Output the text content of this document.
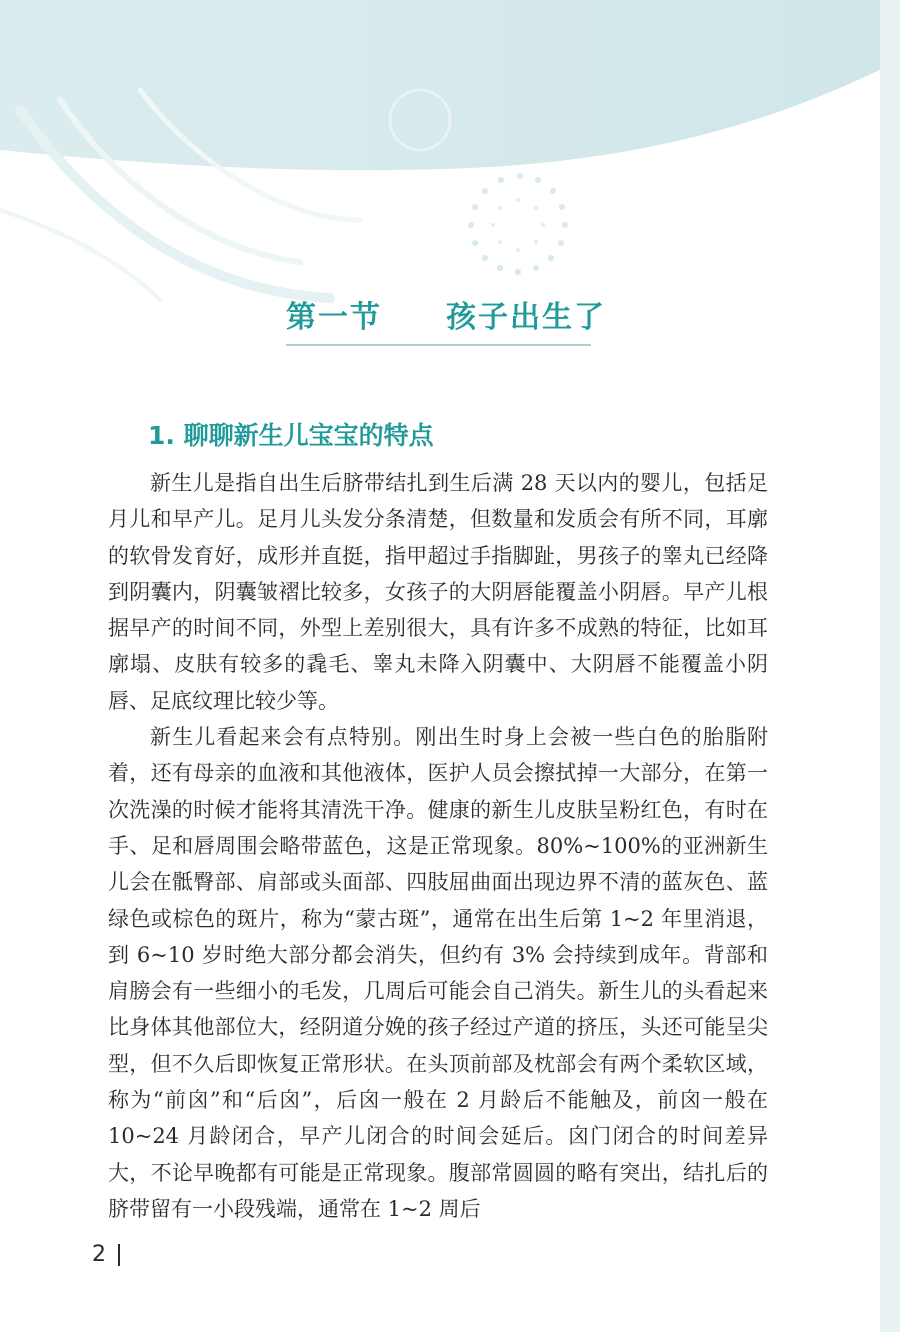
第一节　　孩子出生了
1. 聊聊新生儿宝宝的特点

新生儿是指自出生后脐带结扎到生后满 28 天以内的婴儿，包括足月儿和早产儿。足月儿头发分条清楚，但数量和发质会有所不同，耳廓的软骨发育好，成形并直挺，指甲超过手指脚趾，男孩子的睾丸已经降到阴囊内，阴囊皱褶比较多，女孩子的大阴唇能覆盖小阴唇。早产儿根据早产的时间不同，外型上差别很大，具有许多不成熟的特征，比如耳廓塌、皮肤有较多的毳毛、睾丸未降入阴囊中、大阴唇不能覆盖小阴唇、足底纹理比较少等。

新生儿看起来会有点特别。刚出生时身上会被一些白色的胎脂附着，还有母亲的血液和其他液体，医护人员会擦拭掉一大部分，在第一次洗澡的时候才能将其清洗干净。健康的新生儿皮肤呈粉红色，有时在手、足和唇周围会略带蓝色，这是正常现象。80%~100%的亚洲新生儿会在骶臀部、肩部或头面部、四肢屈曲面出现边界不清的蓝灰色、蓝绿色或棕色的斑片，称为“蒙古斑”，通常在出生后第 1~2 年里消退，到 6~10 岁时绝大部分都会消失，但约有 3% 会持续到成年。背部和肩膀会有一些细小的毛发，几周后可能会自己消失。新生儿的头看起来比身体其他部位大，经阴道分娩的孩子经过产道的挤压，头还可能呈尖型，但不久后即恢复正常形状。在头顶前部及枕部会有两个柔软区域，称为“前囟”和“后囟”，后囟一般在 2 月龄后不能触及，前囟一般在 10~24 月龄闭合，早产儿闭合的时间会延后。囟门闭合的时间差异大，不论早晚都有可能是正常现象。腹部常圆圆的略有突出，结扎后的脐带留有一小段残端，通常在 1~2 周后

2
